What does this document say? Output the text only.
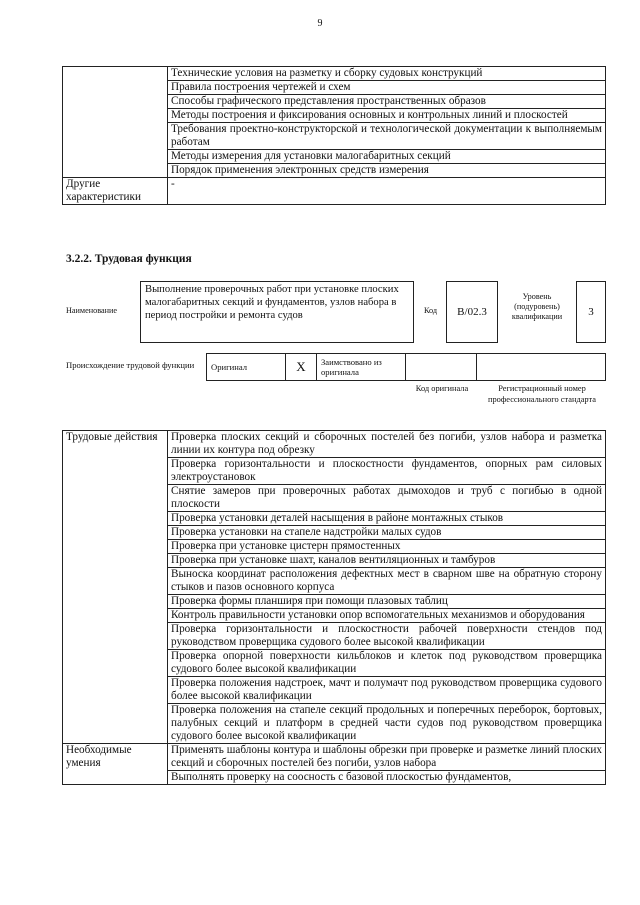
9
	Технические условия на разметку и сборку судовых конструкций
	Правила построения чертежей и схем
	Способы графического представления пространственных образов
	Методы построения и фиксирования основных и контрольных линий и плоскостей
	Требования проектно-конструкторской и технологической документации к выполняемым работам
	Методы измерения для установки малогабаритных секций
	Порядок применения электронных средств измерения
Другие характеристики	-
3.2.2. Трудовая функция
Наименование
Выполнение проверочных работ при установке плоских малогабаритных секций и фундаментов, узлов набора в период постройки и ремонта судов	Код	B/02.3
Уровень (подуровень) квалификации	3
Происхождение трудовой функции	Оригинал	X	Заимствовано из оригинала		
Код оригинала	Регистрационный номер профессионального стандарта
Трудовые действия	Проверка плоских секций и сборочных постелей без погиби, узлов набора и разметка линии их контура под обрезку
	Проверка горизонтальности и плоскостности фундаментов, опорных рам силовых электроустановок
	Снятие замеров при проверочных работах дымоходов и труб с погибью в одной плоскости
	Проверка установки деталей насыщения в районе монтажных стыков
	Проверка установки на стапеле надстройки малых судов
	Проверка при установке цистерн прямостенных
	Проверка при установке шахт, каналов вентиляционных и тамбуров
	Выноска координат расположения дефектных мест в сварном шве на обратную сторону стыков и пазов основного корпуса
	Проверка формы планширя при помощи плазовых таблиц
	Контроль правильности установки опор вспомогательных механизмов и оборудования
	Проверка горизонтальности и плоскостности рабочей поверхности стендов под руководством проверщика судового более высокой квалификации
	Проверка опорной поверхности кильблоков и клеток под руководством проверщика судового более высокой квалификации
	Проверка положения надстроек, мачт и полумачт под руководством проверщика судового более высокой квалификации
	Проверка положения на стапеле секций продольных и поперечных переборок, бортовых, палубных секций и платформ в средней части судов под руководством проверщика судового более высокой квалификации
Необходимые умения	Применять шаблоны контура и шаблоны обрезки при проверке и разметке линий плоских секций и сборочных постелей без погиби, узлов набора
	Выполнять проверку на соосность с базовой плоскостью фундаментов,
